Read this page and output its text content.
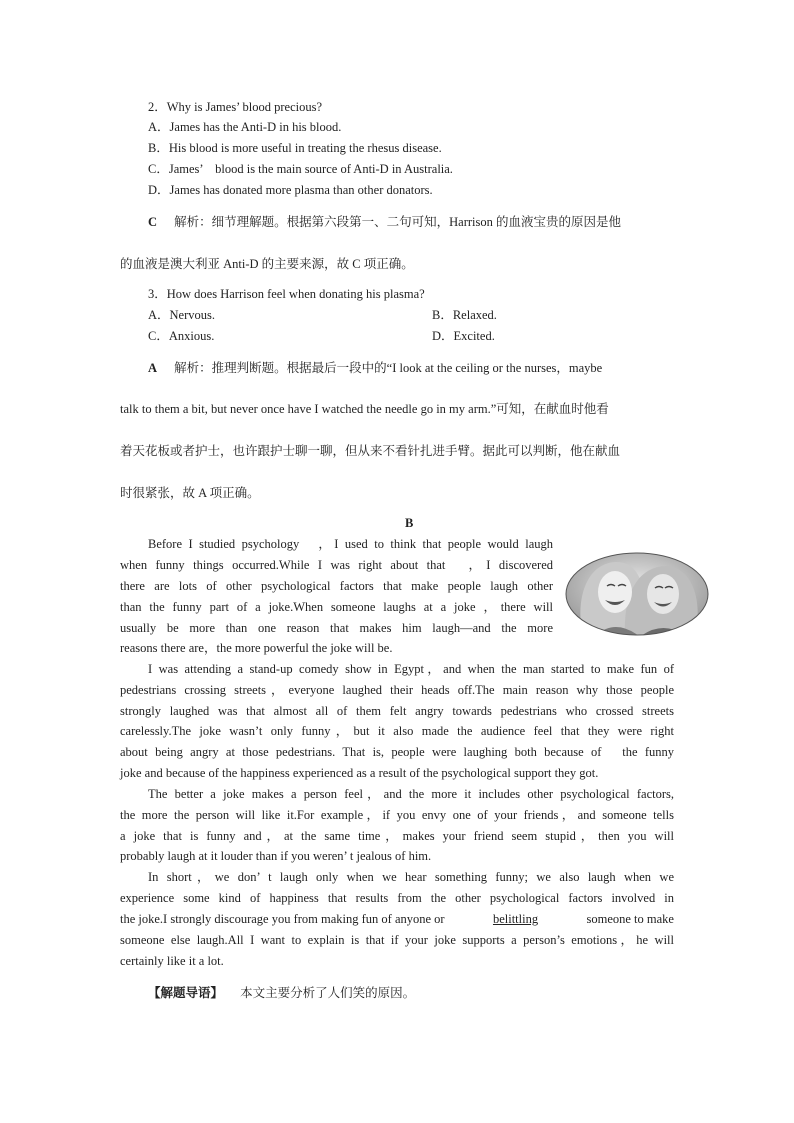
2．Why is James’ blood precious?
A．James has the Anti-D in his blood.
B．His blood is more useful in treating the rhesus disease.
C．James’　blood is the main source of Anti-D in Australia.
D．James has donated more plasma than other donators.
C 解析：细节理解题。根据第六段第一、二句可知，Harrison 的血液宝贵的原因是他
的血液是澳大利亚 Anti-D 的主要来源，故 C 项正确。
3．How does Harrison feel when donating his plasma?
A．Nervous.	B．Relaxed.
C．Anxious.	D．Excited.
A 解析：推理判断题。根据最后一段中的“I look at the ceiling or the nurses，maybe
talk to them a bit, but never once have I watched the needle go in my arm.”可知，在献血时他看
着天花板或者护士，也许跟护士聊一聊，但从来不看针扎进手臂。据此可以判断，他在献血
时很紧张，故 A 项正确。
B
Before I studied psychology　，I used to think that people would laugh
when funny things occurred.While I was right about that　，I discovered
there are lots of other psychological factors that make people laugh other
than the funny part of a joke.When someone laughs at a joke ，there will
usually be more than one reason that makes him laugh—and the more
reasons there are，the more powerful the joke will be.
I was attending a stand-up comedy show in Egypt，and when the man started to make fun of
pedestrians crossing streets，everyone laughed their heads off.The main reason why those people
strongly laughed was that almost all of them felt angry towards pedestrians who crossed streets
carelessly.The joke wasn’t only funny，but it also made the audience feel that they were right
about being angry at those pedestrians. That is, people were laughing both because of　the funny
joke and because of the happiness experienced as a result of the psychological support they got.
The better a joke makes a person feel，and the more it includes other psychological factors,
the more the person will like it.For example，if you envy one of your friends，and someone tells
a joke that is funny and，at the same time，makes your friend seem stupid，then you will
probably laugh at it louder than if you weren’ t jealous of him.
In short，we don’ t laugh only when we hear something funny; we also laugh when we
experience some kind of happiness that results from the other psychological factors involved in
the joke.I strongly discourage you from making fun of anyone or	belittling	someone to make
someone else laugh.All I want to explain is that if your joke supports a person’s emotions，he will
certainly like it a lot.
【解题导语】 本文主要分析了人们笑的原因。
